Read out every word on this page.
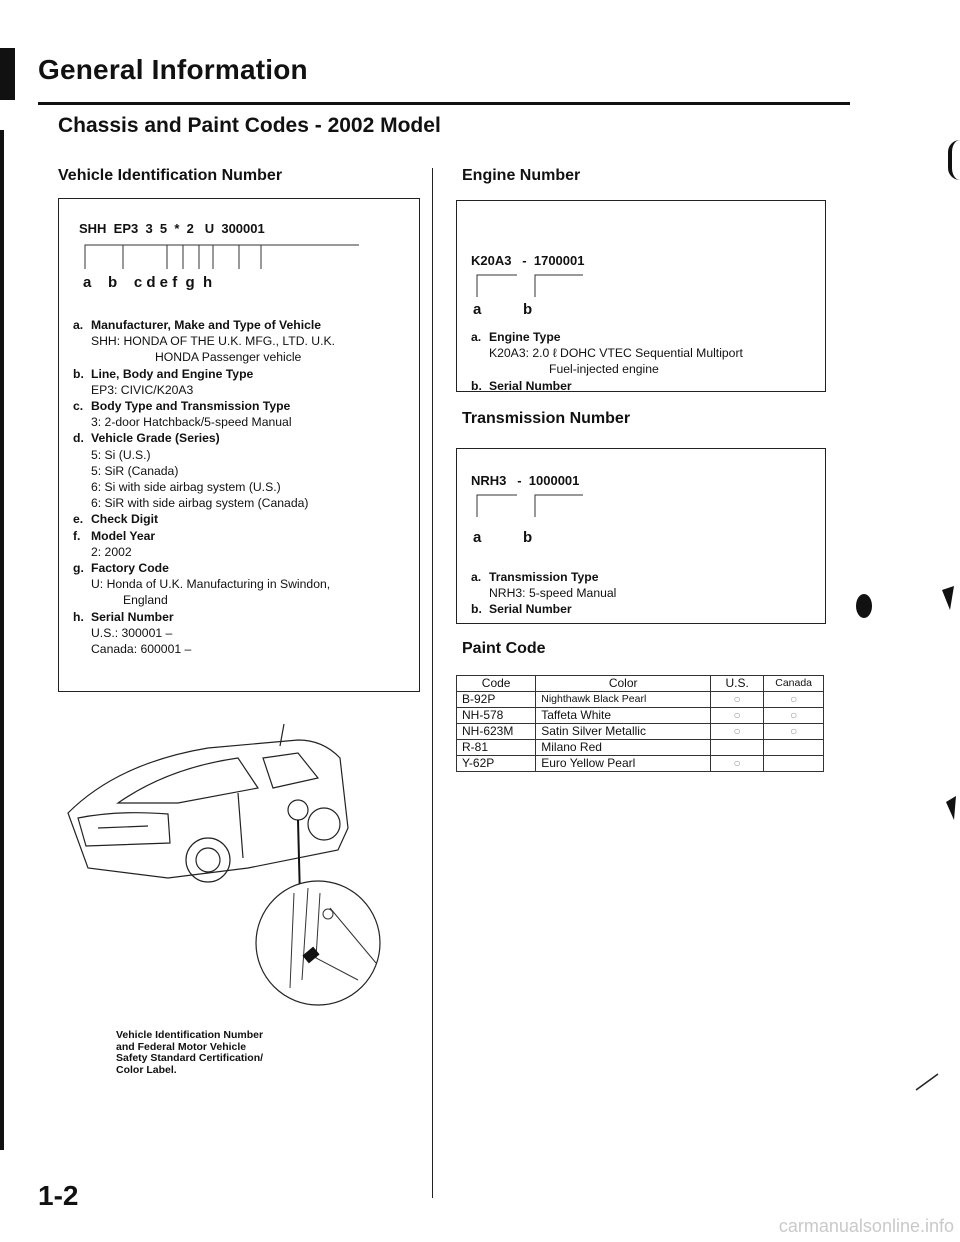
General Information
Chassis and Paint Codes - 2002 Model
Vehicle Identification Number
SHH  EP3  3  5  *  2   U  300001
a    b    c d e f  g  h
a. Manufacturer, Make and Type of Vehicle
SHH: HONDA OF THE U.K. MFG., LTD. U.K.
HONDA Passenger vehicle
b. Line, Body and Engine Type
EP3: CIVIC/K20A3
c. Body Type and Transmission Type
3: 2-door Hatchback/5-speed Manual
d. Vehicle Grade (Series)
5: Si (U.S.)
5: SiR (Canada)
6: Si with side airbag system (U.S.)
6: SiR with side airbag system (Canada)
e. Check Digit
f. Model Year
2: 2002
g. Factory Code
U: Honda of U.K. Manufacturing in Swindon,
England
h. Serial Number
U.S.: 300001 –
Canada: 600001 –
Vehicle Identification Number
and Federal Motor Vehicle
Safety Standard Certification/
Color Label.
Engine Number
K20A3   -  1700001
a          b
a. Engine Type
K20A3: 2.0 ℓ DOHC VTEC Sequential Multiport
Fuel-injected engine
b. Serial Number
Transmission Number
NRH3   -  1000001
a          b
a. Transmission Type
NRH3: 5-speed Manual
b. Serial Number
Paint Code
Code	Color	U.S.	Canada
B-92P	Nighthawk Black Pearl	○	○
NH-578	Taffeta White	○	○
NH-623M	Satin Silver Metallic	○	○
R-81	Milano Red		
Y-62P	Euro Yellow Pearl	○	
1-2
carmanualsonline.info
